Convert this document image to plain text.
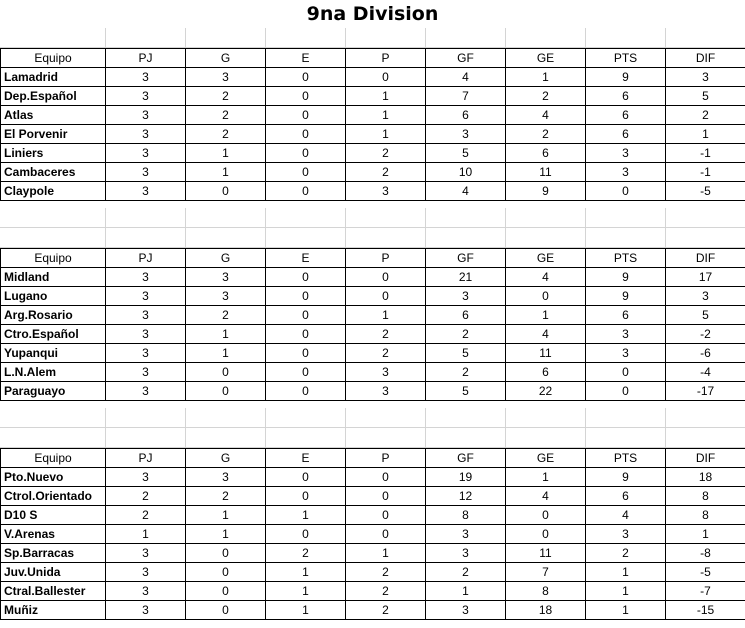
9na Division
Equipo	PJ	G	E	P	GF	GE	PTS	DIF
Lamadrid	3	3	0	0	4	1	9	3
Dep.Español	3	2	0	1	7	2	6	5
Atlas	3	2	0	1	6	4	6	2
El Porvenir	3	2	0	1	3	2	6	1
Liniers	3	1	0	2	5	6	3	-1
Cambaceres	3	1	0	2	10	11	3	-1
Claypole	3	0	0	3	4	9	0	-5
Equipo	PJ	G	E	P	GF	GE	PTS	DIF
Midland	3	3	0	0	21	4	9	17
Lugano	3	3	0	0	3	0	9	3
Arg.Rosario	3	2	0	1	6	1	6	5
Ctro.Español	3	1	0	2	2	4	3	-2
Yupanqui	3	1	0	2	5	11	3	-6
L.N.Alem	3	0	0	3	2	6	0	-4
Paraguayo	3	0	0	3	5	22	0	-17
Equipo	PJ	G	E	P	GF	GE	PTS	DIF
Pto.Nuevo	3	3	0	0	19	1	9	18
Ctrol.Orientado	2	2	0	0	12	4	6	8
D10 S	2	1	1	0	8	0	4	8
V.Arenas	1	1	0	0	3	0	3	1
Sp.Barracas	3	0	2	1	3	11	2	-8
Juv.Unida	3	0	1	2	2	7	1	-5
Ctral.Ballester	3	0	1	2	1	8	1	-7
Muñiz	3	0	1	2	3	18	1	-15
